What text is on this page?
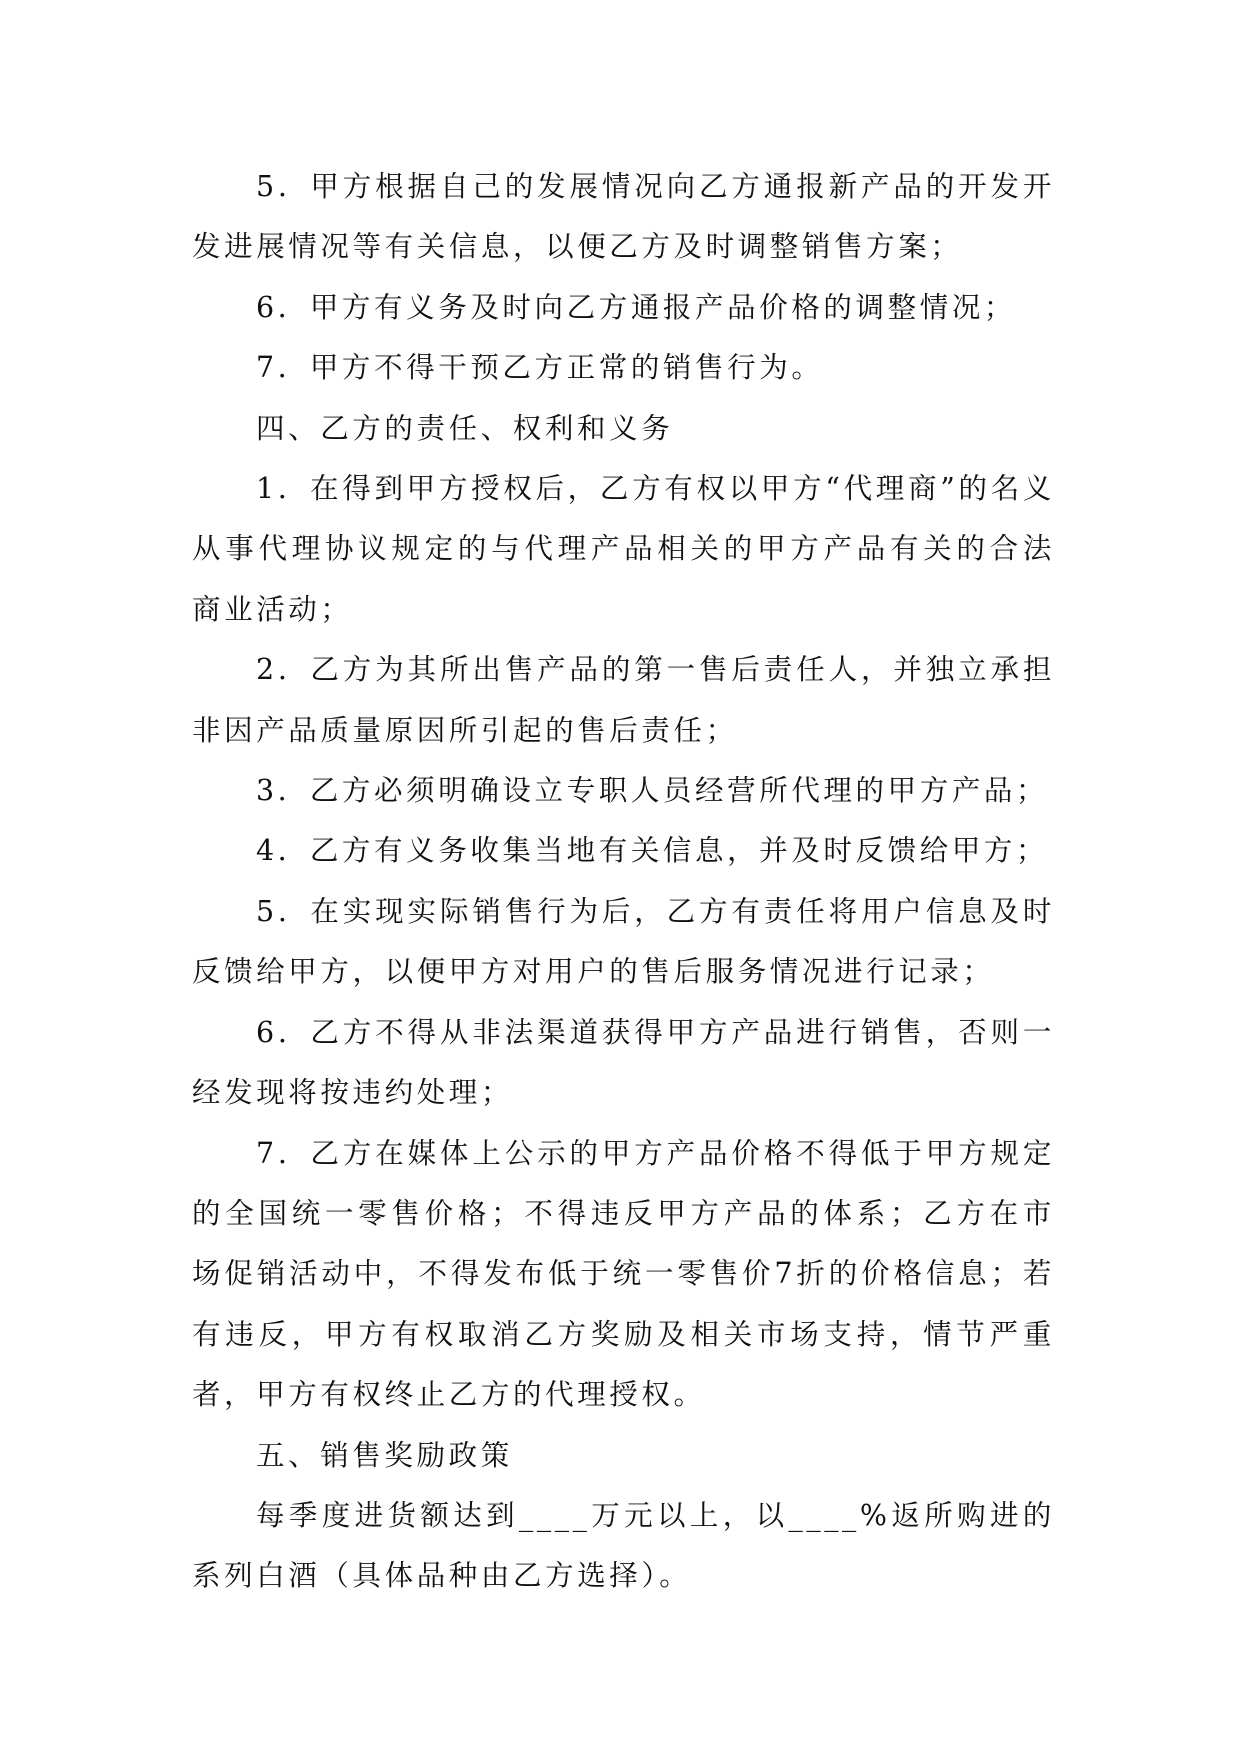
5．甲方根据自己的发展情况向乙方通报新产品的开发开发进展情况等有关信息，以便乙方及时调整销售方案；

6．甲方有义务及时向乙方通报产品价格的调整情况；

7．甲方不得干预乙方正常的销售行为。

四、乙方的责任、权利和义务

1．在得到甲方授权后，乙方有权以甲方“代理商”的名义从事代理协议规定的与代理产品相关的甲方产品有关的合法商业活动；

2．乙方为其所出售产品的第一售后责任人，并独立承担非因产品质量原因所引起的售后责任；

3．乙方必须明确设立专职人员经营所代理的甲方产品；

4．乙方有义务收集当地有关信息，并及时反馈给甲方；

5．在实现实际销售行为后，乙方有责任将用户信息及时反馈给甲方，以便甲方对用户的售后服务情况进行记录；

6．乙方不得从非法渠道获得甲方产品进行销售，否则一经发现将按违约处理；

7．乙方在媒体上公示的甲方产品价格不得低于甲方规定的全国统一零售价格；不得违反甲方产品的体系；乙方在市场促销活动中，不得发布低于统一零售价7折的价格信息；若有违反，甲方有权取消乙方奖励及相关市场支持，情节严重者，甲方有权终止乙方的代理授权。

五、销售奖励政策

每季度进货额达到____万元以上，以____%返所购进的系列白酒（具体品种由乙方选择）。
